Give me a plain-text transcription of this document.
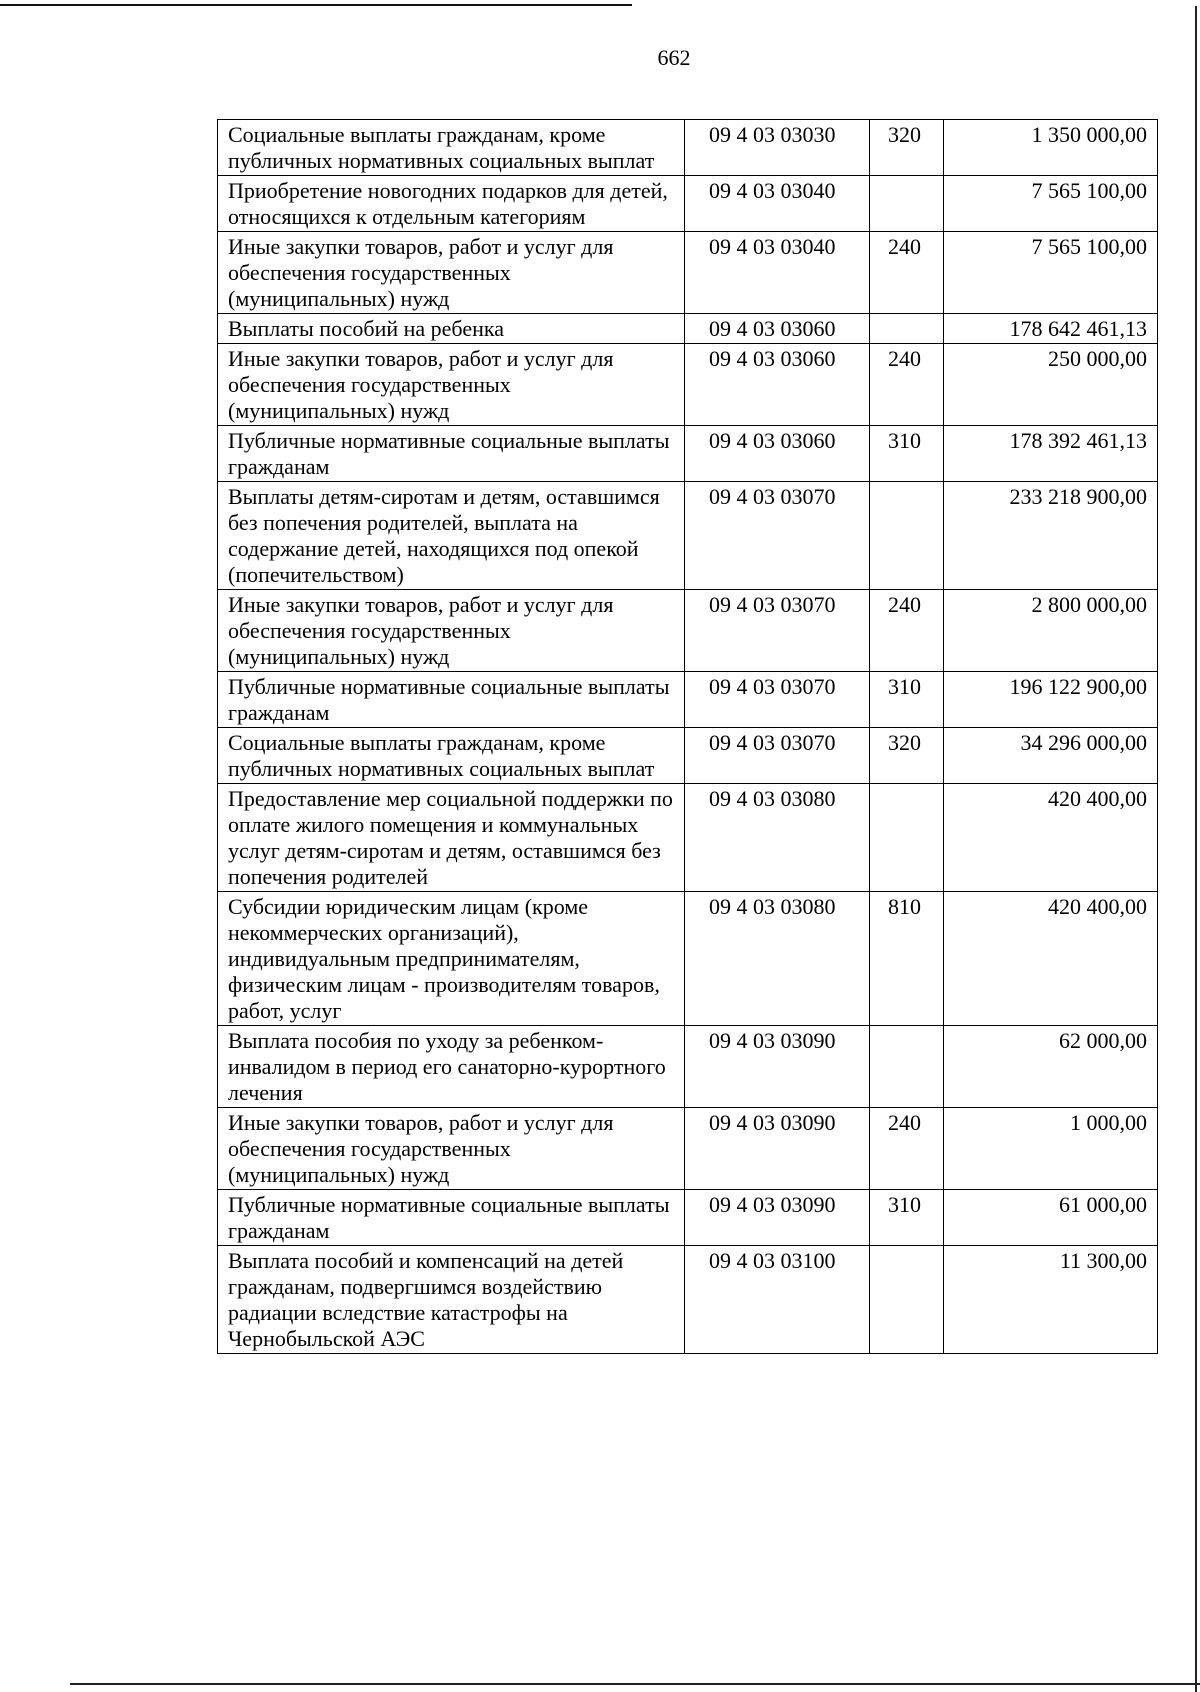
662
Социальные выплаты гражданам, кроме публичных нормативных социальных выплат	09 4 03 03030	320	1 350 000,00
Приобретение новогодних подарков для детей, относящихся к отдельным категориям	09 4 03 03040		7 565 100,00
Иные закупки товаров, работ и услуг для обеспечения государственных (муниципальных) нужд	09 4 03 03040	240	7 565 100,00
Выплаты пособий на ребенка	09 4 03 03060		178 642 461,13
Иные закупки товаров, работ и услуг для обеспечения государственных (муниципальных) нужд	09 4 03 03060	240	250 000,00
Публичные нормативные социальные выплаты гражданам	09 4 03 03060	310	178 392 461,13
Выплаты детям-сиротам и детям, оставшимся без попечения родителей, выплата на содержание детей, находящихся под опекой (попечительством)	09 4 03 03070		233 218 900,00
Иные закупки товаров, работ и услуг для обеспечения государственных (муниципальных) нужд	09 4 03 03070	240	2 800 000,00
Публичные нормативные социальные выплаты гражданам	09 4 03 03070	310	196 122 900,00
Социальные выплаты гражданам, кроме публичных нормативных социальных выплат	09 4 03 03070	320	34 296 000,00
Предоставление мер социальной поддержки по оплате жилого помещения и коммунальных услуг детям-сиротам и детям, оставшимся без попечения родителей	09 4 03 03080		420 400,00
Субсидии юридическим лицам (кроме некоммерческих организаций), индивидуальным предпринимателям, физическим лицам - производителям товаров, работ, услуг	09 4 03 03080	810	420 400,00
Выплата пособия по уходу за ребенком-инвалидом в период его санаторно-курортного лечения	09 4 03 03090		62 000,00
Иные закупки товаров, работ и услуг для обеспечения государственных (муниципальных) нужд	09 4 03 03090	240	1 000,00
Публичные нормативные социальные выплаты гражданам	09 4 03 03090	310	61 000,00
Выплата пособий и компенсаций на детей гражданам, подвергшимся воздействию радиации вследствие катастрофы на Чернобыльской АЭС	09 4 03 03100		11 300,00
